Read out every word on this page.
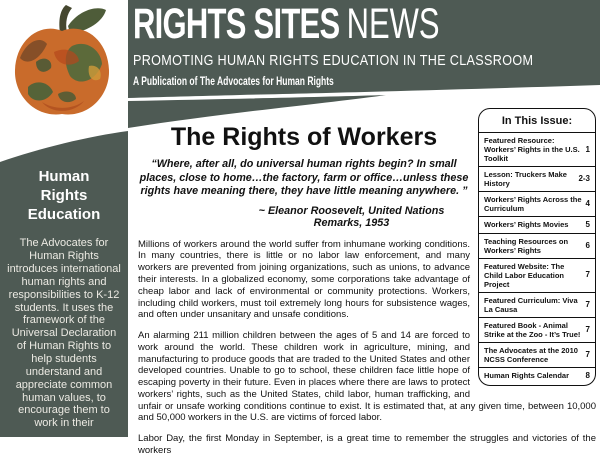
RIGHTS SITES NEWS
PROMOTING HUMAN RIGHTS EDUCATION IN THE CLASSROOM
A Publication of The Advocates for Human Rights
Human Rights Education
The Advocates for Human Rights introduces international human rights and responsibilities to K-12 students. It uses the framework of the Universal Declaration of Human Rights to help students understand and appreciate common human values, to encourage them to work in their
In This Issue:
Featured Resource: Workers’ Rights in the U.S. Toolkit
1
Lesson: Truckers Make History
2-3
Workers’ Rights Across the Curriculum
4
Workers’ Rights Movies	5
Teaching Resources on Workers’ Rights
6
Featured Website: The Child Labor Education Project
7
Featured Curriculum: Viva La Causa
7
Featured Book - Animal Strike at the Zoo - It’s True!
7
The Advocates at the 2010 NCSS Conference
7
Human Rights Calendar	8
The Rights of Workers

“Where, after all, do universal human rights begin? In small places, close to home…the factory, farm or office…unless these rights have meaning there, they have little meaning anywhere. ”

~ Eleanor Roosevelt, United Nations Remarks, 1953

Millions of workers around the world suffer from inhumane working conditions. In many countries, there is little or no labor law enforcement, and many workers are prevented from joining organizations, such as unions, to advance their interests. In a globalized economy, some corporations take advantage of cheap labor and lack of environmental or community protections. Workers, including child workers, must toil extremely long hours for subsistence wages, and often under unsanitary and unsafe conditions.

An alarming 211 million children between the ages of 5 and 14 are forced to work around the world. These children work in agriculture, mining, and manufacturing to produce goods that are traded to the United States and other developed countries. Unable to go to school, these children face little hope of escaping poverty in their future. Even in places where there are laws to protect workers’ rights, such as the United States, child labor, human trafficking, and unfair or unsafe working conditions continue to exist. It is estimated that, at any given time, between 10,000 and 50,000 workers in the U.S. are victims of forced labor.

Labor Day, the first Monday in September, is a great time to remember the struggles and victories of the workers
